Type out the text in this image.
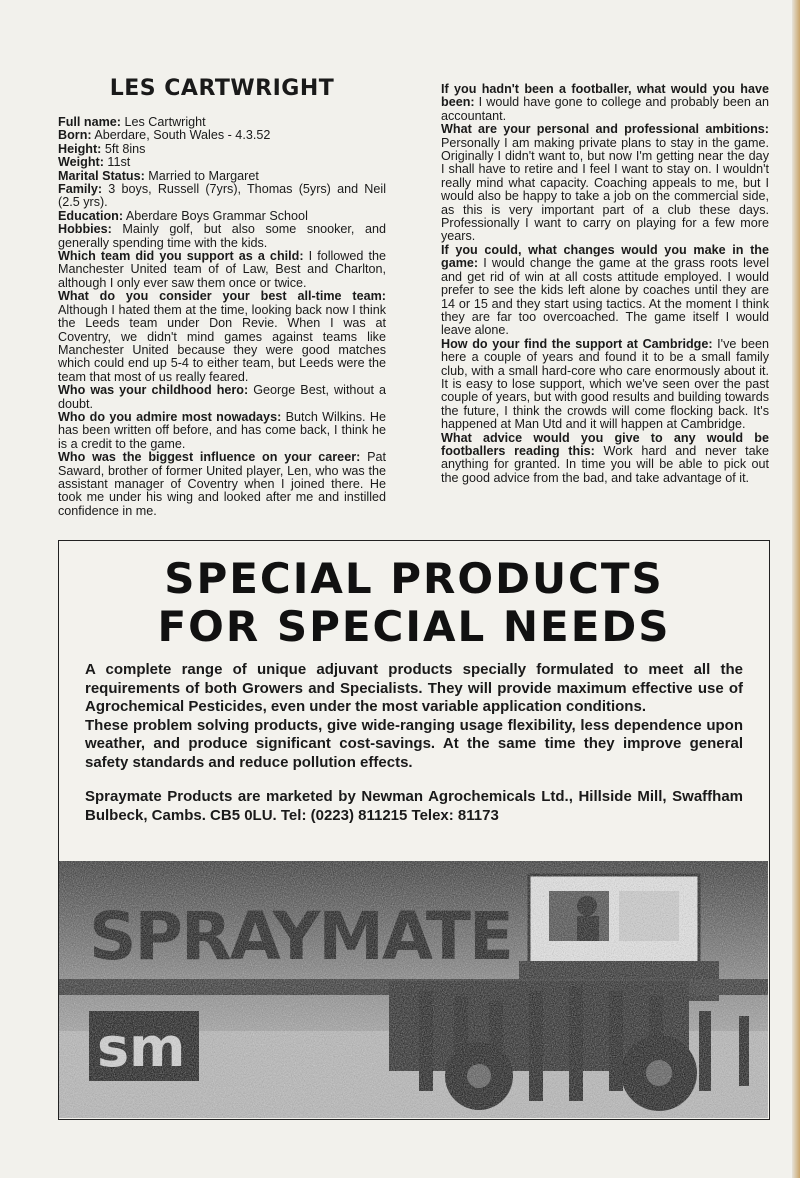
LES CARTWRIGHT

Full name: Les Cartwright

Born: Aberdare, South Wales - 4.3.52

Height: 5ft 8ins

Weight: 11st

Marital Status: Married to Margaret

Family: 3 boys, Russell (7yrs), Thomas (5yrs) and Neil (2.5 yrs).

Education: Aberdare Boys Grammar School

Hobbies: Mainly golf, but also some snooker, and generally spending time with the kids.

Which team did you support as a child: I followed the Manchester United team of of Law, Best and Charlton, although I only ever saw them once or twice.

What do you consider your best all-time team: Although I hated them at the time, looking back now I think the Leeds team under Don Revie. When I was at Coventry, we didn't mind games against teams like Manchester United because they were good matches which could end up 5-4 to either team, but Leeds were the team that most of us really feared.

Who was your childhood hero: George Best, without a doubt.

Who do you admire most nowadays: Butch Wilkins. He has been written off before, and has come back, I think he is a credit to the game.

Who was the biggest influence on your career: Pat Saward, brother of former United player, Len, who was the assistant manager of Coventry when I joined there. He took me under his wing and looked after me and instilled confidence in me.

If you hadn't been a footballer, what would you have been: I would have gone to college and probably been an accountant.

What are your personal and professional ambitions: Personally I am making private plans to stay in the game. Originally I didn't want to, but now I'm getting near the day I shall have to retire and I feel I want to stay on. I wouldn't really mind what capacity. Coaching appeals to me, but I would also be happy to take a job on the commercial side, as this is very important part of a club these days. Professionally I want to carry on playing for a few more years.

If you could, what changes would you make in the game: I would change the game at the grass roots level and get rid of win at all costs attitude employed. I would prefer to see the kids left alone by coaches until they are 14 or 15 and they start using tactics. At the moment I think they are far too overcoached. The game itself I would leave alone.

How do your find the support at Cambridge: I've been here a couple of years and found it to be a small family club, with a small hard-core who care enormously about it. It is easy to lose support, which we've seen over the past couple of years, but with good results and building towards the future, I think the crowds will come flocking back. It's happened at Man Utd and it will happen at Cambridge.

What advice would you give to any would be footballers reading this: Work hard and never take anything for granted. In time you will be able to pick out the good advice from the bad, and take advantage of it.

SPECIAL PRODUCTS
FOR SPECIAL NEEDS

A complete range of unique adjuvant products specially formulated to meet all the requirements of both Growers and Specialists. They will provide maximum effective use of Agrochemical Pesticides, even under the most variable application conditions.

These problem solving products, give wide-ranging usage flexibility, less dependence upon weather, and produce significant cost-savings. At the same time they improve general safety standards and reduce pollution effects.

Spraymate Products are marketed by Newman Agrochemicals Ltd., Hillside Mill, Swaffham Bulbeck, Cambs. CB5 0LU. Tel: (0223) 811215 Telex: 81173
